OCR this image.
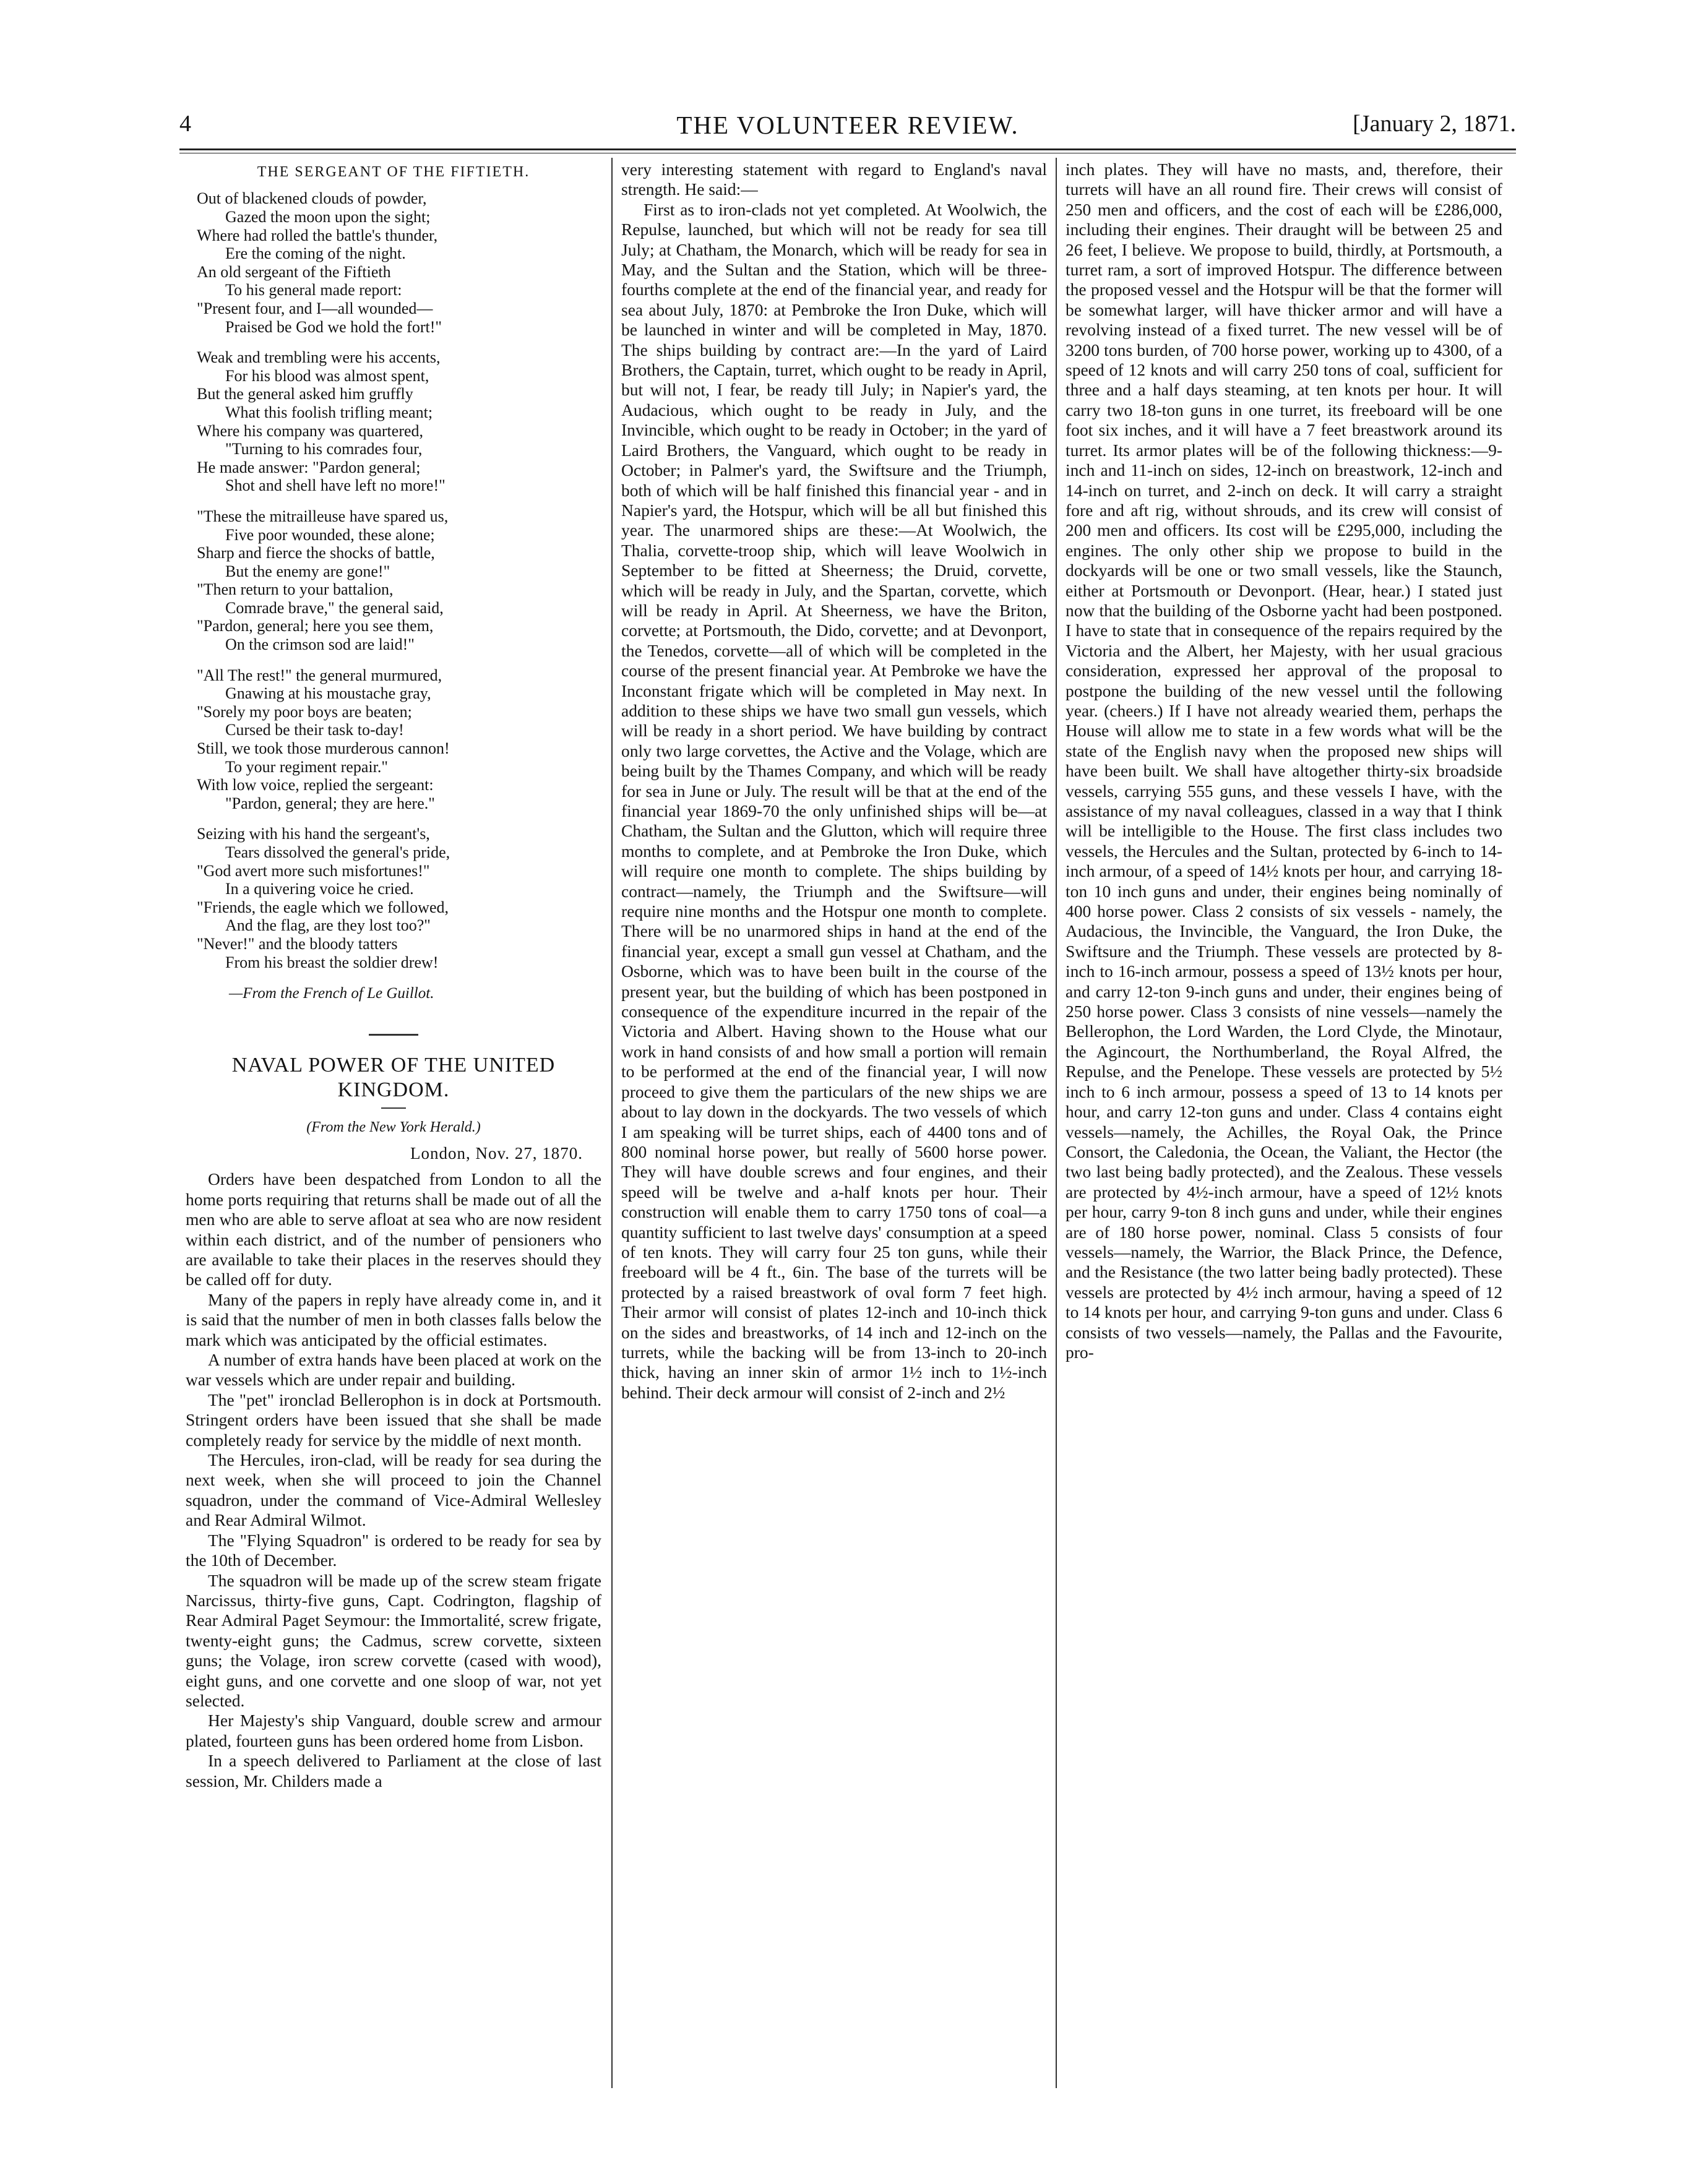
4	THE VOLUNTEER REVIEW.	[January 2, 1871.
THE SERGEANT OF THE FIFTIETH.
Out of blackened clouds of powder,
Gazed the moon upon the sight;
Where had rolled the battle's thunder,
Ere the coming of the night.
An old sergeant of the Fiftieth
To his general made report:
"Present four, and I—all wounded—
Praised be God we hold the fort!"
Weak and trembling were his accents,
For his blood was almost spent,
But the general asked him gruffly
What this foolish trifling meant;
Where his company was quartered,
"Turning to his comrades four,
He made answer: "Pardon general;
Shot and shell have left no more!"
"These the mitrailleuse have spared us,
Five poor wounded, these alone;
Sharp and fierce the shocks of battle,
But the enemy are gone!"
"Then return to your battalion,
Comrade brave," the general said,
"Pardon, general; here you see them,
On the crimson sod are laid!"
"All The rest!" the general murmured,
Gnawing at his moustache gray,
"Sorely my poor boys are beaten;
Cursed be their task to-day!
Still, we took those murderous cannon!
To your regiment repair."
With low voice, replied the sergeant:
"Pardon, general; they are here."
Seizing with his hand the sergeant's,
Tears dissolved the general's pride,
"God avert more such misfortunes!"
In a quivering voice he cried.
"Friends, the eagle which we followed,
And the flag, are they lost too?"
"Never!" and the bloody tatters
From his breast the soldier drew!
—From the French of Le Guillot.
NAVAL POWER OF THE UNITED KINGDOM.
(From the New York Herald.)
London, Nov. 27, 1870.

Orders have been despatched from London to all the home ports requiring that returns shall be made out of all the men who are able to serve afloat at sea who are now resident within each district, and of the number of pensioners who are available to take their places in the reserves should they be called off for duty.

Many of the papers in reply have already come in, and it is said that the number of men in both classes falls below the mark which was anticipated by the official estimates.

A number of extra hands have been placed at work on the war vessels which are under repair and building.

The "pet" ironclad Bellerophon is in dock at Portsmouth. Stringent orders have been issued that she shall be made completely ready for service by the middle of next month.

The Hercules, iron-clad, will be ready for sea during the next week, when she will proceed to join the Channel squadron, under the command of Vice-Admiral Wellesley and Rear Admiral Wilmot.

The "Flying Squadron" is ordered to be ready for sea by the 10th of December.

The squadron will be made up of the screw steam frigate Narcissus, thirty-five guns, Capt. Codrington, flagship of Rear Admiral Paget Seymour: the Immortalité, screw frigate, twenty-eight guns; the Cadmus, screw corvette, sixteen guns; the Volage, iron screw corvette (cased with wood), eight guns, and one corvette and one sloop of war, not yet selected.

Her Majesty's ship Vanguard, double screw and armour plated, fourteen guns has been ordered home from Lisbon.

In a speech delivered to Parliament at the close of last session, Mr. Childers made a

very interesting statement with regard to England's naval strength. He said:—

First as to iron-clads not yet completed. At Woolwich, the Repulse, launched, but which will not be ready for sea till July; at Chatham, the Monarch, which will be ready for sea in May, and the Sultan and the Station, which will be three-fourths complete at the end of the financial year, and ready for sea about July, 1870: at Pembroke the Iron Duke, which will be launched in winter and will be completed in May, 1870. The ships building by contract are:—In the yard of Laird Brothers, the Captain, turret, which ought to be ready in April, but will not, I fear, be ready till July; in Napier's yard, the Audacious, which ought to be ready in July, and the Invincible, which ought to be ready in October; in the yard of Laird Brothers, the Vanguard, which ought to be ready in October; in Palmer's yard, the Swiftsure and the Triumph, both of which will be half finished this financial year - and in Napier's yard, the Hotspur, which will be all but finished this year. The unarmored ships are these:—At Woolwich, the Thalia, corvette-troop ship, which will leave Woolwich in September to be fitted at Sheerness; the Druid, corvette, which will be ready in July, and the Spartan, corvette, which will be ready in April. At Sheerness, we have the Briton, corvette; at Portsmouth, the Dido, corvette; and at Devonport, the Tenedos, corvette—all of which will be completed in the course of the present financial year. At Pembroke we have the Inconstant frigate which will be completed in May next. In addition to these ships we have two small gun vessels, which will be ready in a short period. We have building by contract only two large corvettes, the Active and the Volage, which are being built by the Thames Company, and which will be ready for sea in June or July. The result will be that at the end of the financial year 1869-70 the only unfinished ships will be—at Chatham, the Sultan and the Glutton, which will require three months to complete, and at Pembroke the Iron Duke, which will require one month to complete. The ships building by contract—namely, the Triumph and the Swiftsure—will require nine months and the Hotspur one month to complete. There will be no unarmored ships in hand at the end of the financial year, except a small gun vessel at Chatham, and the Osborne, which was to have been built in the course of the present year, but the building of which has been postponed in consequence of the expenditure incurred in the repair of the Victoria and Albert. Having shown to the House what our work in hand consists of and how small a portion will remain to be performed at the end of the financial year, I will now proceed to give them the particulars of the new ships we are about to lay down in the dockyards. The two vessels of which I am speaking will be turret ships, each of 4400 tons and of 800 nominal horse power, but really of 5600 horse power. They will have double screws and four engines, and their speed will be twelve and a-half knots per hour. Their construction will enable them to carry 1750 tons of coal—a quantity sufficient to last twelve days' consumption at a speed of ten knots. They will carry four 25 ton guns, while their freeboard will be 4 ft., 6in. The base of the turrets will be protected by a raised breastwork of oval form 7 feet high. Their armor will consist of plates 12-inch and 10-inch thick on the sides and breastworks, of 14 inch and 12-inch on the turrets, while the backing will be from 13-inch to 20-inch thick, having an inner skin of armor 1½ inch to 1½-inch behind. Their deck armour will consist of 2-inch and 2½

inch plates. They will have no masts, and, therefore, their turrets will have an all round fire. Their crews will consist of 250 men and officers, and the cost of each will be £286,000, including their engines. Their draught will be between 25 and 26 feet, I believe. We propose to build, thirdly, at Portsmouth, a turret ram, a sort of improved Hotspur. The difference between the proposed vessel and the Hotspur will be that the former will be somewhat larger, will have thicker armor and will have a revolving instead of a fixed turret. The new vessel will be of 3200 tons burden, of 700 horse power, working up to 4300, of a speed of 12 knots and will carry 250 tons of coal, sufficient for three and a half days steaming, at ten knots per hour. It will carry two 18-ton guns in one turret, its freeboard will be one foot six inches, and it will have a 7 feet breastwork around its turret. Its armor plates will be of the following thickness:—9-inch and 11-inch on sides, 12-inch on breastwork, 12-inch and 14-inch on turret, and 2-inch on deck. It will carry a straight fore and aft rig, without shrouds, and its crew will consist of 200 men and officers. Its cost will be £295,000, including the engines. The only other ship we propose to build in the dockyards will be one or two small vessels, like the Staunch, either at Portsmouth or Devonport. (Hear, hear.) I stated just now that the building of the Osborne yacht had been postponed. I have to state that in consequence of the repairs required by the Victoria and the Albert, her Majesty, with her usual gracious consideration, expressed her approval of the proposal to postpone the building of the new vessel until the following year. (cheers.) If I have not already wearied them, perhaps the House will allow me to state in a few words what will be the state of the English navy when the proposed new ships will have been built. We shall have altogether thirty-six broadside vessels, carrying 555 guns, and these vessels I have, with the assistance of my naval colleagues, classed in a way that I think will be intelligible to the House. The first class includes two vessels, the Hercules and the Sultan, protected by 6-inch to 14-inch armour, of a speed of 14½ knots per hour, and carrying 18-ton 10 inch guns and under, their engines being nominally of 400 horse power. Class 2 consists of six vessels - namely, the Audacious, the Invincible, the Vanguard, the Iron Duke, the Swiftsure and the Triumph. These vessels are protected by 8-inch to 16-inch armour, possess a speed of 13½ knots per hour, and carry 12-ton 9-inch guns and under, their engines being of 250 horse power. Class 3 consists of nine vessels—namely the Bellerophon, the Lord Warden, the Lord Clyde, the Minotaur, the Agincourt, the Northumberland, the Royal Alfred, the Repulse, and the Penelope. These vessels are protected by 5½ inch to 6 inch armour, possess a speed of 13 to 14 knots per hour, and carry 12-ton guns and under. Class 4 contains eight vessels—namely, the Achilles, the Royal Oak, the Prince Consort, the Caledonia, the Ocean, the Valiant, the Hector (the two last being badly protected), and the Zealous. These vessels are protected by 4½-inch armour, have a speed of 12½ knots per hour, carry 9-ton 8 inch guns and under, while their engines are of 180 horse power, nominal. Class 5 consists of four vessels—namely, the Warrior, the Black Prince, the Defence, and the Resistance (the two latter being badly protected). These vessels are protected by 4½ inch armour, having a speed of 12 to 14 knots per hour, and carrying 9-ton guns and under. Class 6 consists of two vessels—namely, the Pallas and the Favourite, pro-
